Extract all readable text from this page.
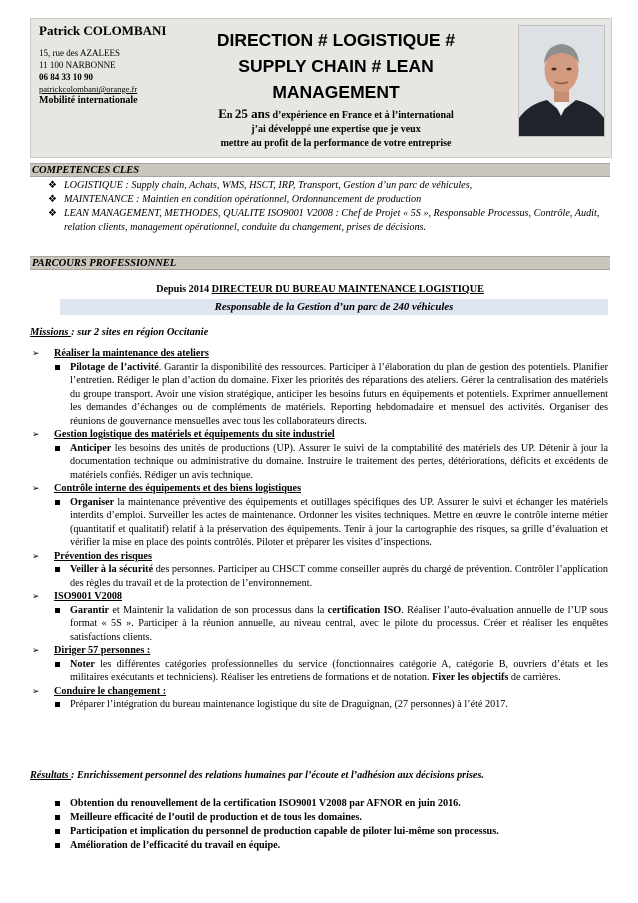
Patrick COLOMBANI
15, rue des AZALEES
11 100 NARBONNE
06 84 33 10 90
patrickcolombani@orange.fr
Mobilité internationale
DIRECTION # LOGISTIQUE #
SUPPLY CHAIN # LEAN
MANAGEMENT
En 25 ans d’expérience en France et à l’international
j’ai développé une expertise que je veux
mettre au profit de la performance de votre entreprise
COMPETENCES CLES
❖ LOGISTIQUE : Supply chain, Achats, WMS, HSCT, IRP, Transport, Gestion d’un parc de véhicules,
❖ MAINTENANCE : Maintien en condition opérationnel, Ordonnancement de production
❖ LEAN MANAGEMENT, METHODES, QUALITE ISO9001 V2008 : Chef de Projet « 5S », Responsable Processus, Contrôle, Audit, relation clients, management opérationnel, conduite du changement, prises de décisions.
PARCOURS PROFESSIONNEL
Depuis 2014 DIRECTEUR DU BUREAU MAINTENANCE LOGISTIQUE
Responsable de la Gestion d’un parc de 240 véhicules
Missions : sur 2 sites en région Occitanie
➢ Réaliser la maintenance des ateliers
Pilotage de l’activité. Garantir la disponibilité des ressources. Participer à l’élaboration du plan de gestion des potentiels. Planifier l’entretien. Rédiger le plan d’action du domaine. Fixer les priorités des réparations des ateliers. Gérer la centralisation des matériels du groupe transport. Avoir une vision stratégique, anticiper les besoins futurs en équipements et potentiels. Exprimer annuellement les demandes d’échanges ou de compléments de matériels. Reporting hebdomadaire et mensuel des activités. Organiser des réunions de gouvernance mensuelles avec tous les collaborateurs directs.
➢ Gestion logistique des matériels et équipements du site industriel
Anticiper les besoins des unités de productions (UP). Assurer le suivi de la comptabilité des matériels des UP. Détenir à jour la documentation technique ou administrative du domaine. Instruire le traitement des pertes, détériorations, déficits et excédents de matériels confiés. Rédiger un avis technique.
➢ Contrôle interne des équipements et des biens logistiques
Organiser la maintenance préventive des équipements et outillages spécifiques des UP. Assurer le suivi et échanger les matériels interdits d’emploi. Surveiller les actes de maintenance. Ordonner les visites techniques. Mettre en œuvre le contrôle interne métier (quantitatif et qualitatif) relatif à la préservation des équipements. Tenir à jour la cartographie des risques, sa grille d’évaluation et vérifier la mise en place des points contrôlés. Piloter et préparer les visites d’inspections.
➢ Prévention des risques
Veiller à la sécurité des personnes. Participer au CHSCT comme conseiller auprès du chargé de prévention. Contrôler l’application des règles du travail et de la protection de l’environnement.
➢ ISO9001 V2008
Garantir et Maintenir la validation de son processus dans la certification ISO. Réaliser l’auto-évaluation annuelle de l’UP sous format « 5S ». Participer à la réunion annuelle, au niveau central, avec le pilote du processus. Créer et réaliser les enquêtes satisfactions clients.
➢ Diriger 57 personnes :
Noter les différentes catégories professionnelles du service (fonctionnaires catégorie A, catégorie B, ouvriers d’états et les militaires exécutants et techniciens). Réaliser les entretiens de formations et de notation. Fixer les objectifs de carrières.
➢ Conduire le changement :
Préparer l’intégration du bureau maintenance logistique du site de Draguignan, (27 personnes) à l’été 2017.
Résultats : Enrichissement personnel des relations humaines par l’écoute et l’adhésion aux décisions prises.
Obtention du renouvellement de la certification ISO9001 V2008 par AFNOR en juin 2016.
Meilleure efficacité de l’outil de production et de tous les domaines.
Participation et implication du personnel de production capable de piloter lui-même son processus.
Amélioration de l’efficacité du travail en équipe.
